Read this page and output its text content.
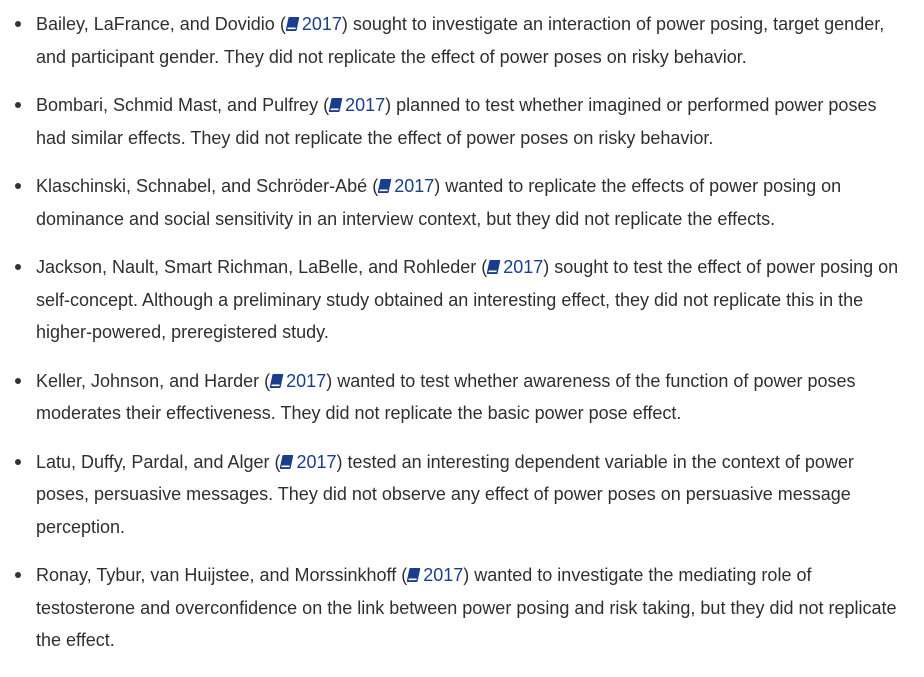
Bailey, LaFrance, and Dovidio ( 2017) sought to investigate an interaction of power posing, target gender, and participant gender. They did not replicate the effect of power poses on risky behavior.
Bombari, Schmid Mast, and Pulfrey ( 2017) planned to test whether imagined or performed power poses had similar effects. They did not replicate the effect of power poses on risky behavior.
Klaschinski, Schnabel, and Schröder-Abé ( 2017) wanted to replicate the effects of power posing on dominance and social sensitivity in an interview context, but they did not replicate the effects.
Jackson, Nault, Smart Richman, LaBelle, and Rohleder ( 2017) sought to test the effect of power posing on self-concept. Although a preliminary study obtained an interesting effect, they did not replicate this in the higher-powered, preregistered study.
Keller, Johnson, and Harder ( 2017) wanted to test whether awareness of the function of power poses moderates their effectiveness. They did not replicate the basic power pose effect.
Latu, Duffy, Pardal, and Alger ( 2017) tested an interesting dependent variable in the context of power poses, persuasive messages. They did not observe any effect of power poses on persuasive message perception.
Ronay, Tybur, van Huijstee, and Morssinkhoff ( 2017) wanted to investigate the mediating role of testosterone and overconfidence on the link between power posing and risk taking, but they did not replicate the effect.
